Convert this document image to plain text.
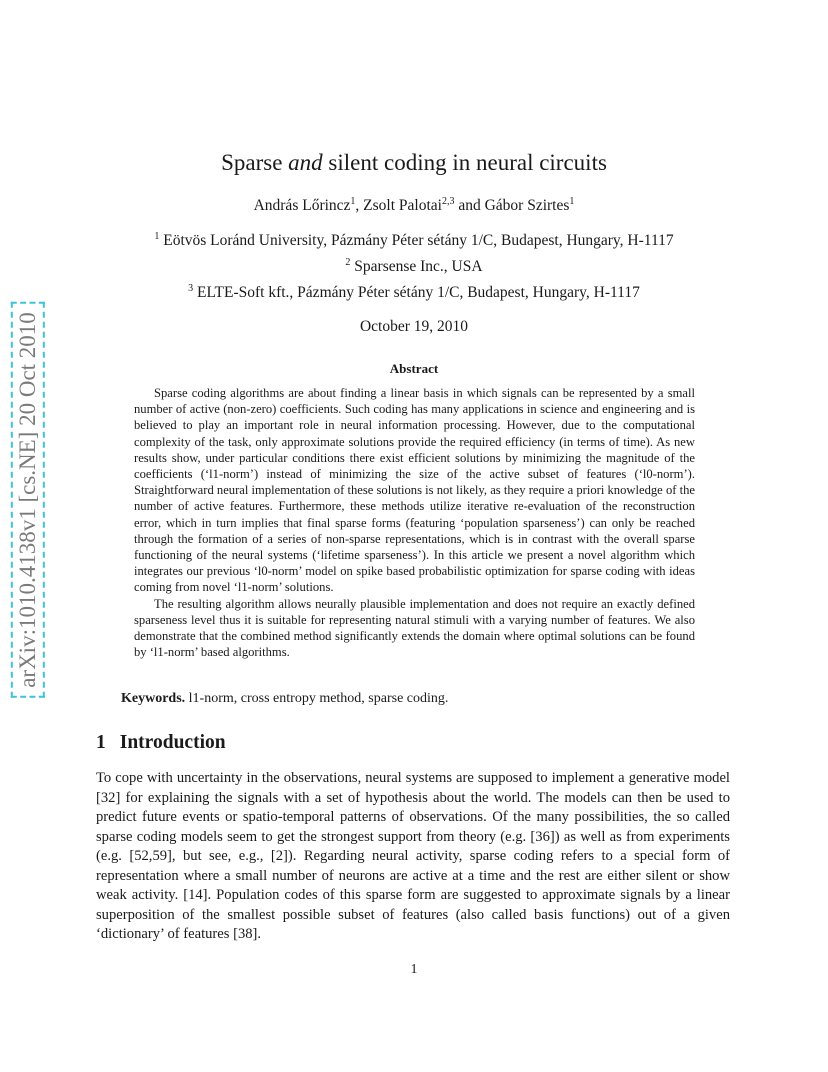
arXiv:1010.4138v1 [cs.NE] 20 Oct 2010
Sparse and silent coding in neural circuits
András Lőrincz$^1$, Zsolt Palotai$^{2,3}$ and Gábor Szirtes$^1$
$^1$ Eötvös Loránd University, Pázmány Péter sétány 1/C, Budapest, Hungary, H-1117
$^2$ Sparsense Inc., USA
$^3$ ELTE-Soft kft., Pázmány Péter sétány 1/C, Budapest, Hungary, H-1117
October 19, 2010
Abstract

Sparse coding algorithms are about finding a linear basis in which signals can be represented by a small number of active (non-zero) coefficients. Such coding has many applications in science and engineering and is believed to play an important role in neural information processing. However, due to the computational complexity of the task, only approximate solutions provide the required efficiency (in terms of time). As new results show, under particular conditions there exist efficient solutions by minimizing the magnitude of the coefficients (‘l1-norm’) instead of minimizing the size of the active subset of features (‘l0-norm’). Straightforward neural implementation of these solutions is not likely, as they require a priori knowledge of the number of active features. Furthermore, these methods utilize iterative re-evaluation of the reconstruction error, which in turn implies that final sparse forms (featuring ‘population sparseness’) can only be reached through the formation of a series of non-sparse representations, which is in contrast with the overall sparse functioning of the neural systems (‘lifetime sparseness’). In this article we present a novel algorithm which integrates our previous ‘l0-norm’ model on spike based probabilistic optimization for sparse coding with ideas coming from novel ‘l1-norm’ solutions.

The resulting algorithm allows neurally plausible implementation and does not require an exactly defined sparseness level thus it is suitable for representing natural stimuli with a varying number of features. We also demonstrate that the combined method significantly extends the domain where optimal solutions can be found by ‘l1-norm’ based algorithms.

Keywords. l1-norm, cross entropy method, sparse coding.
1 Introduction

To cope with uncertainty in the observations, neural systems are supposed to implement a generative model [32] for explaining the signals with a set of hypothesis about the world. The models can then be used to predict future events or spatio-temporal patterns of observations. Of the many possibilities, the so called sparse coding models seem to get the strongest support from theory (e.g. [36]) as well as from experiments (e.g. [52,59], but see, e.g., [2]). Regarding neural activity, sparse coding refers to a special form of representation where a small number of neurons are active at a time and the rest are either silent or show weak activity. [14]. Population codes of this sparse form are suggested to approximate signals by a linear superposition of the smallest possible subset of features (also called basis functions) out of a given ‘dictionary’ of features [38].

1
